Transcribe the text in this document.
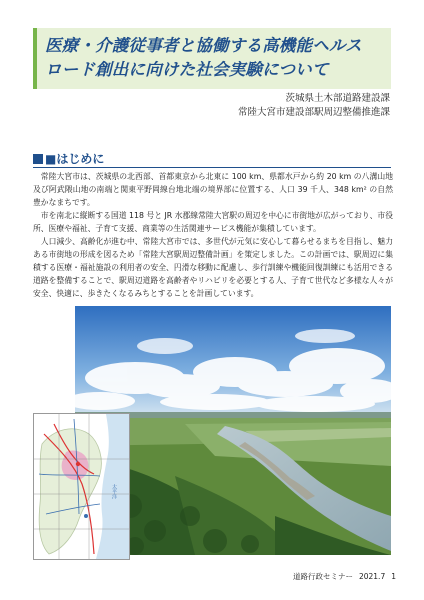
医療・介護従事者と協働する高機能ヘルス
ロード創出に向けた社会実験について
茨城県土木部道路建設課
常陸大宮市建設部駅周辺整備推進課
■はじめに

常陸大宮市は、茨城県の北西部、首都東京から北東に 100 km、県都水戸から約 20 km の八溝山地及び阿武隈山地の南端と関東平野岡線台地北端の境界部に位置する、人口 39 千人、348 km² の自然豊かなまちです。

市を南北に縦断する国道 118 号と JR 水郡線常陸大宮駅の周辺を中心に市街地が広がっており、市役所、医療や福祉、子育て支援、商業等の生活関連サービス機能が集積しています。

人口減少、高齢化が進む中、常陸大宮市では、多世代が元気に安心して暮らせるまちを目指し、魅力ある市街地の形成を図るため「常陸大宮駅周辺整備計画」を策定しました。この計画では、駅周辺に集積する医療・福祉施設の利用者の安全、円滑な移動に配慮し、歩行訓練や機能回復訓練にも活用できる道路を整備することで、駅周辺道路を高齢者やリハビリを必要とする人、子育て世代など多様な人々が安全、快適に、歩きたくなるみちとすることを計画しています。

太平洋
道路行政セミナー 2021.7 1
